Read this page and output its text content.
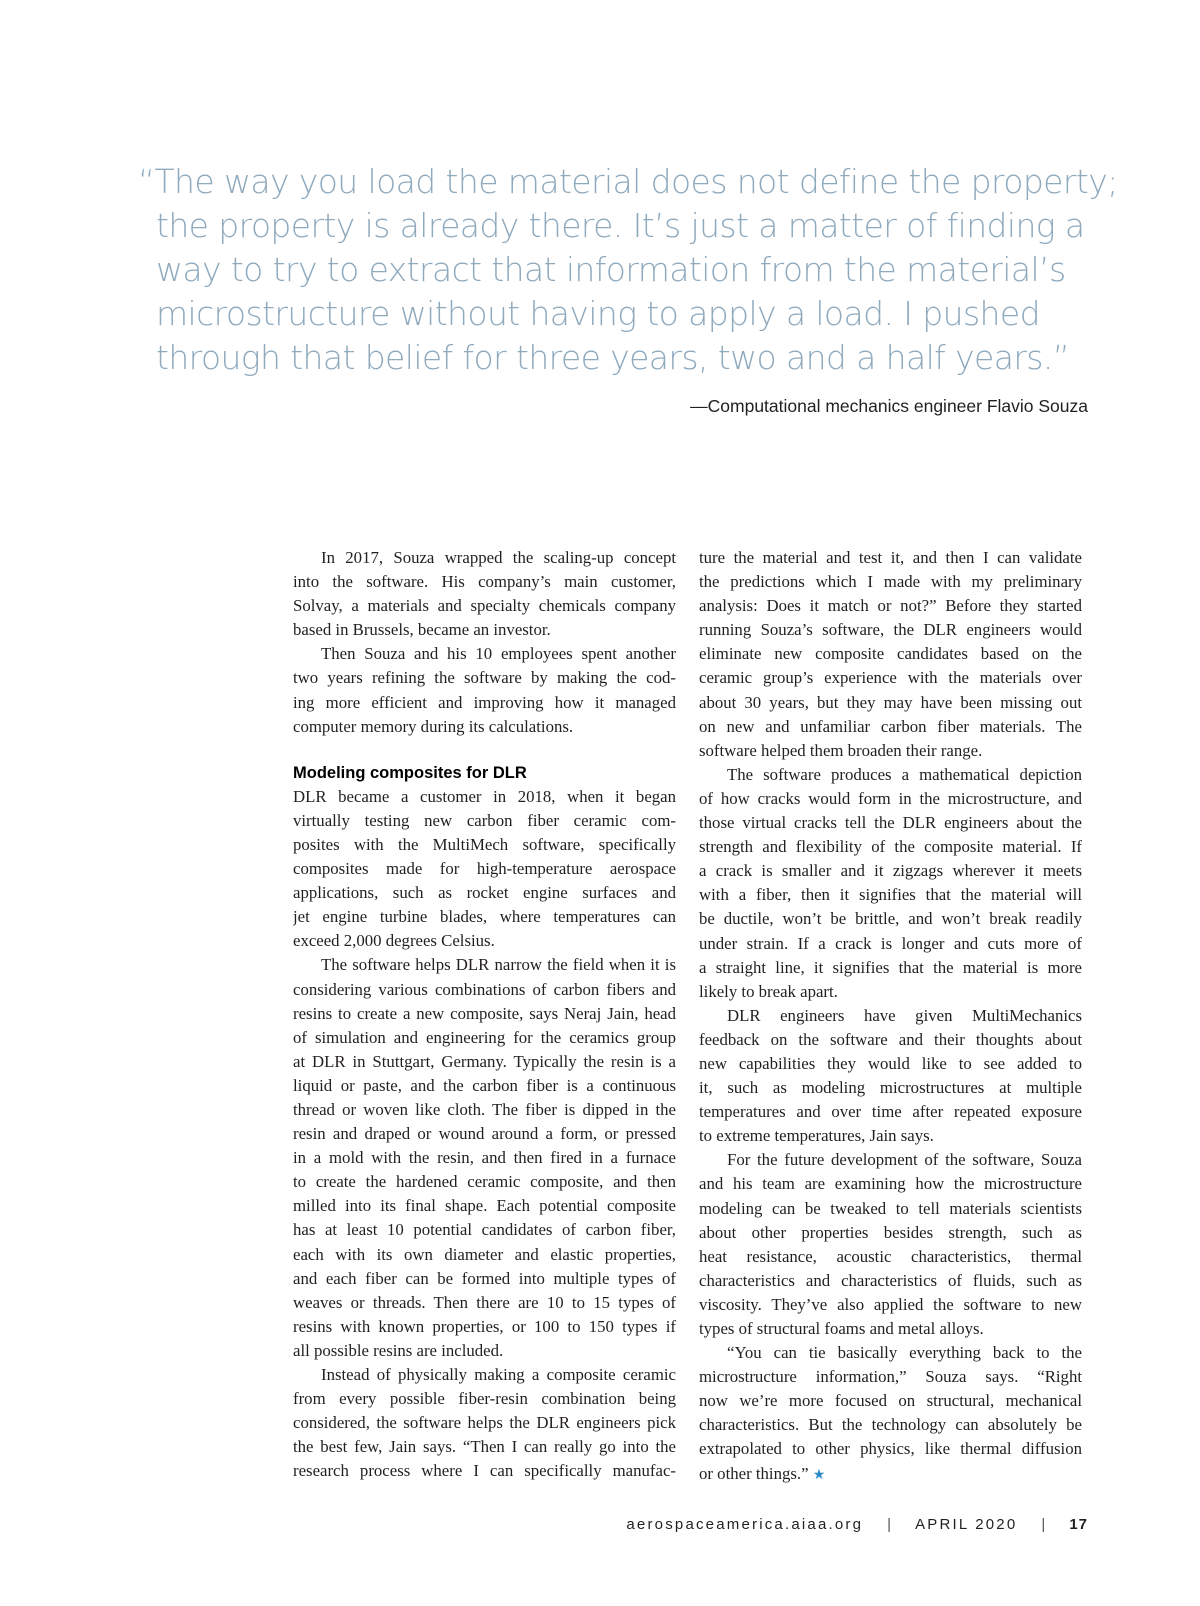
“The way you load the material does not define the property;
the property is already there. It’s just a matter of finding a
way to try to extract that information from the material’s
microstructure without having to apply a load. I pushed
through that belief for three years, two and a half years.”
—Computational mechanics engineer Flavio Souza
In 2017, Souza wrapped the scaling-up concept
into the software. His company’s main customer,
Solvay, a materials and specialty chemicals company
based in Brussels, became an investor.
Then Souza and his 10 employees spent another
two years refining the software by making the cod-
ing more efficient and improving how it managed
computer memory during its calculations.
Modeling composites for DLR
DLR became a customer in 2018, when it began
virtually testing new carbon fiber ceramic com-
posites with the MultiMech software, specifically
composites made for high-temperature aerospace
applications, such as rocket engine surfaces and
jet engine turbine blades, where temperatures can
exceed 2,000 degrees Celsius.
The software helps DLR narrow the field when it is
considering various combinations of carbon fibers and
resins to create a new composite, says Neraj Jain, head
of simulation and engineering for the ceramics group
at DLR in Stuttgart, Germany. Typically the resin is a
liquid or paste, and the carbon fiber is a continuous
thread or woven like cloth. The fiber is dipped in the
resin and draped or wound around a form, or pressed
in a mold with the resin, and then fired in a furnace
to create the hardened ceramic composite, and then
milled into its final shape. Each potential composite
has at least 10 potential candidates of carbon fiber,
each with its own diameter and elastic properties,
and each fiber can be formed into multiple types of
weaves or threads. Then there are 10 to 15 types of
resins with known properties, or 100 to 150 types if
all possible resins are included.
Instead of physically making a composite ceramic
from every possible fiber-resin combination being
considered, the software helps the DLR engineers pick
the best few, Jain says. “Then I can really go into the
research process where I can specifically manufac-
ture the material and test it, and then I can validate
the predictions which I made with my preliminary
analysis: Does it match or not?” Before they started
running Souza’s software, the DLR engineers would
eliminate new composite candidates based on the
ceramic group’s experience with the materials over
about 30 years, but they may have been missing out
on new and unfamiliar carbon fiber materials. The
software helped them broaden their range.
The software produces a mathematical depiction
of how cracks would form in the microstructure, and
those virtual cracks tell the DLR engineers about the
strength and flexibility of the composite material. If
a crack is smaller and it zigzags wherever it meets
with a fiber, then it signifies that the material will
be ductile, won’t be brittle, and won’t break readily
under strain. If a crack is longer and cuts more of
a straight line, it signifies that the material is more
likely to break apart.
DLR engineers have given MultiMechanics
feedback on the software and their thoughts about
new capabilities they would like to see added to
it, such as modeling microstructures at multiple
temperatures and over time after repeated exposure
to extreme temperatures, Jain says.
For the future development of the software, Souza
and his team are examining how the microstructure
modeling can be tweaked to tell materials scientists
about other properties besides strength, such as
heat resistance, acoustic characteristics, thermal
characteristics and characteristics of fluids, such as
viscosity. They’ve also applied the software to new
types of structural foams and metal alloys.
“You can tie basically everything back to the
microstructure information,” Souza says. “Right
now we’re more focused on structural, mechanical
characteristics. But the technology can absolutely be
extrapolated to other physics, like thermal diffusion
or other things.” ★
aerospaceamerica.aiaa.org | APRIL 2020 | 17
